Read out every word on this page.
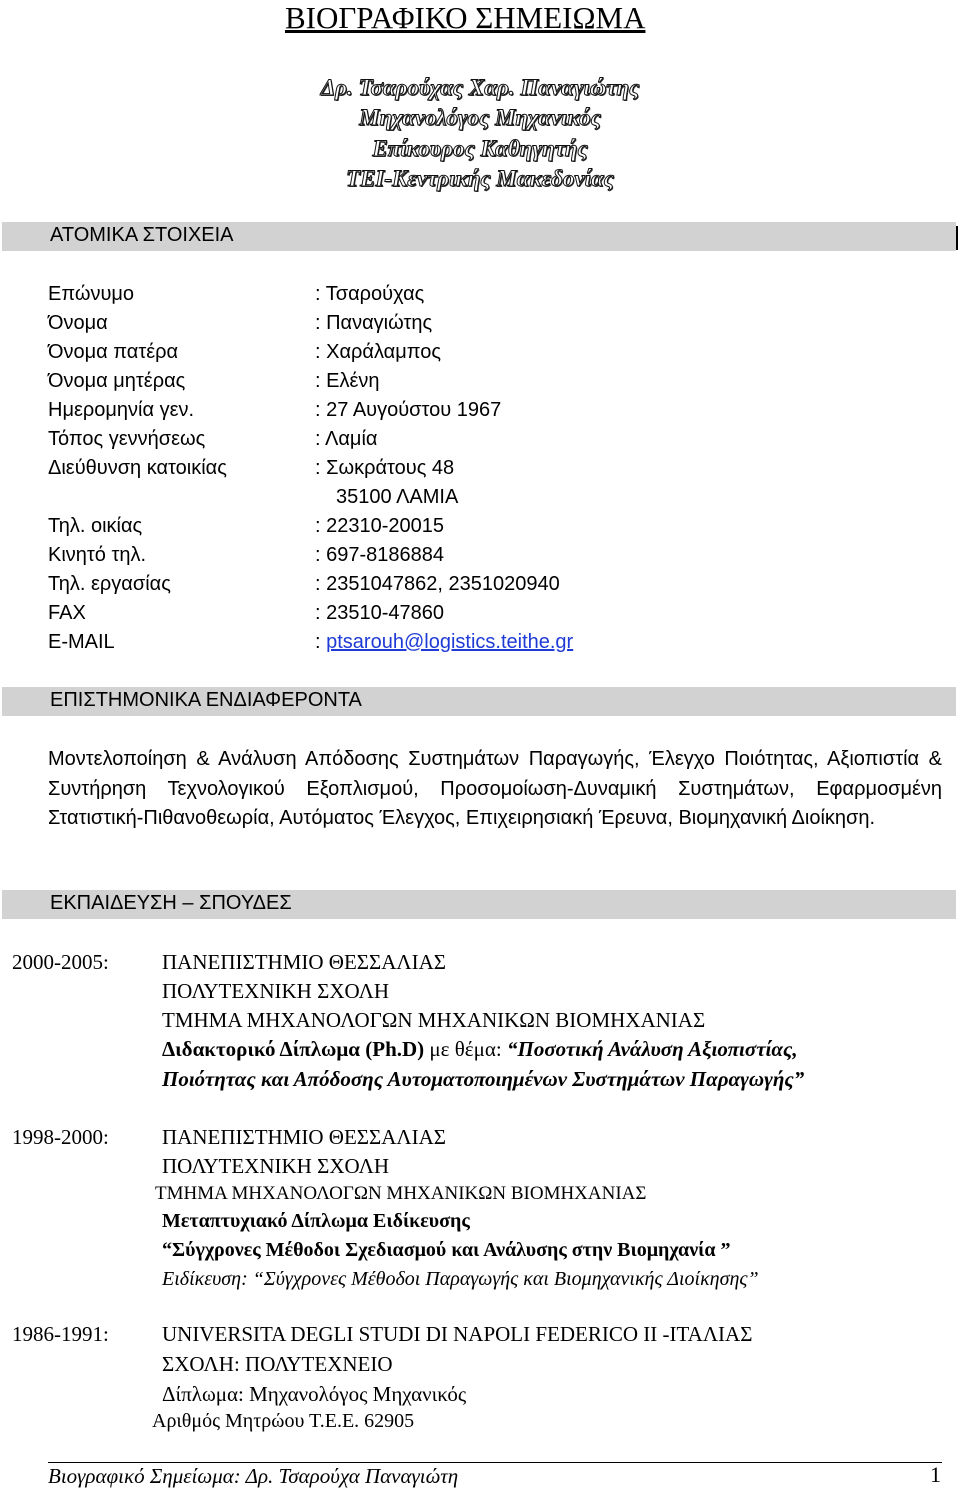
ΒΙΟΓΡΑΦΙΚΟ ΣΗΜΕΙΩΜΑ
Δρ. Τσαρούχας Χαρ. Παναγιώτης
Μηχανολόγος Μηχανικός
Επίκουρος Καθηγητής
ΤΕΙ-Κεντρικής Μακεδονίας
ΑΤΟΜΙΚΑ ΣΤΟΙΧΕΙΑ
Επώνυμο	: Τσαρούχας
Όνομα	: Παναγιώτης
Όνομα πατέρα	: Χαράλαμπος
Όνομα μητέρας	: Ελένη
Ημερομηνία γεν.	: 27 Αυγούστου 1967
Τόπος γεννήσεως	: Λαμία
Διεύθυνση κατοικίας	: Σωκράτους 48
35100 ΛΑΜΙΑ
Τηλ. οικίας	: 22310-20015
Κινητό τηλ.	: 697-8186884
Τηλ. εργασίας	: 2351047862, 2351020940
FAX	: 23510-47860
E-MAIL	: ptsarouh@logistics.teithe.gr
ΕΠΙΣΤΗΜΟΝΙΚΑ ΕΝΔΙΑΦΕΡΟΝΤΑ
Μοντελοποίηση & Ανάλυση Απόδοσης Συστημάτων Παραγωγής, Έλεγχο Ποιότητας, Αξιοπιστία & Συντήρηση Τεχνολογικού Εξοπλισμού, Προσομοίωση-Δυναμική Συστημάτων, Εφαρμοσμένη Στατιστική-Πιθανοθεωρία, Αυτόματος Έλεγχος, Επιχειρησιακή Έρευνα, Βιομηχανική Διοίκηση.
ΕΚΠΑΙΔΕΥΣΗ – ΣΠΟΥΔΕΣ
2000-2005:	ΠΑΝΕΠΙΣΤΗΜΙΟ ΘΕΣΣΑΛΙΑΣ
ΠΟΛΥΤΕΧΝΙΚΗ ΣΧΟΛΗ
ΤΜΗΜΑ ΜΗΧΑΝΟΛΟΓΩΝ ΜΗΧΑΝΙΚΩΝ ΒΙΟΜΗΧΑΝΙΑΣ
Διδακτορικό Δίπλωμα (Ph.D) με θέμα: “Ποσοτική Ανάλυση Αξιοπιστίας,
Ποιότητας και Απόδοσης Αυτοματοποιημένων Συστημάτων Παραγωγής”
1998-2000:	ΠΑΝΕΠΙΣΤΗΜΙΟ ΘΕΣΣΑΛΙΑΣ
ΠΟΛΥΤΕΧΝΙΚΗ ΣΧΟΛΗ
ΤΜΗΜΑ ΜΗΧΑΝΟΛΟΓΩΝ ΜΗΧΑΝΙΚΩΝ ΒΙΟΜΗΧΑΝΙΑΣ
Μεταπτυχιακό Δίπλωμα Ειδίκευσης
“Σύγχρονες Μέθοδοι Σχεδιασμού και Ανάλυσης στην Βιομηχανία ”
Ειδίκευση: “Σύγχρονες Μέθοδοι Παραγωγής και Βιομηχανικής Διοίκησης”
1986-1991:	UNIVERSITA DEGLI STUDI DI NAPOLI FEDERICO II -ΙΤΑΛΙΑΣ
ΣΧΟΛΗ: ΠΟΛΥΤΕΧΝΕΙΟ
Δίπλωμα: Μηχανολόγος Μηχανικός
Αριθμός Μητρώου Τ.Ε.Ε. 62905
Βιογραφικό Σημείωμα: Δρ. Τσαρούχα Παναγιώτη	1
